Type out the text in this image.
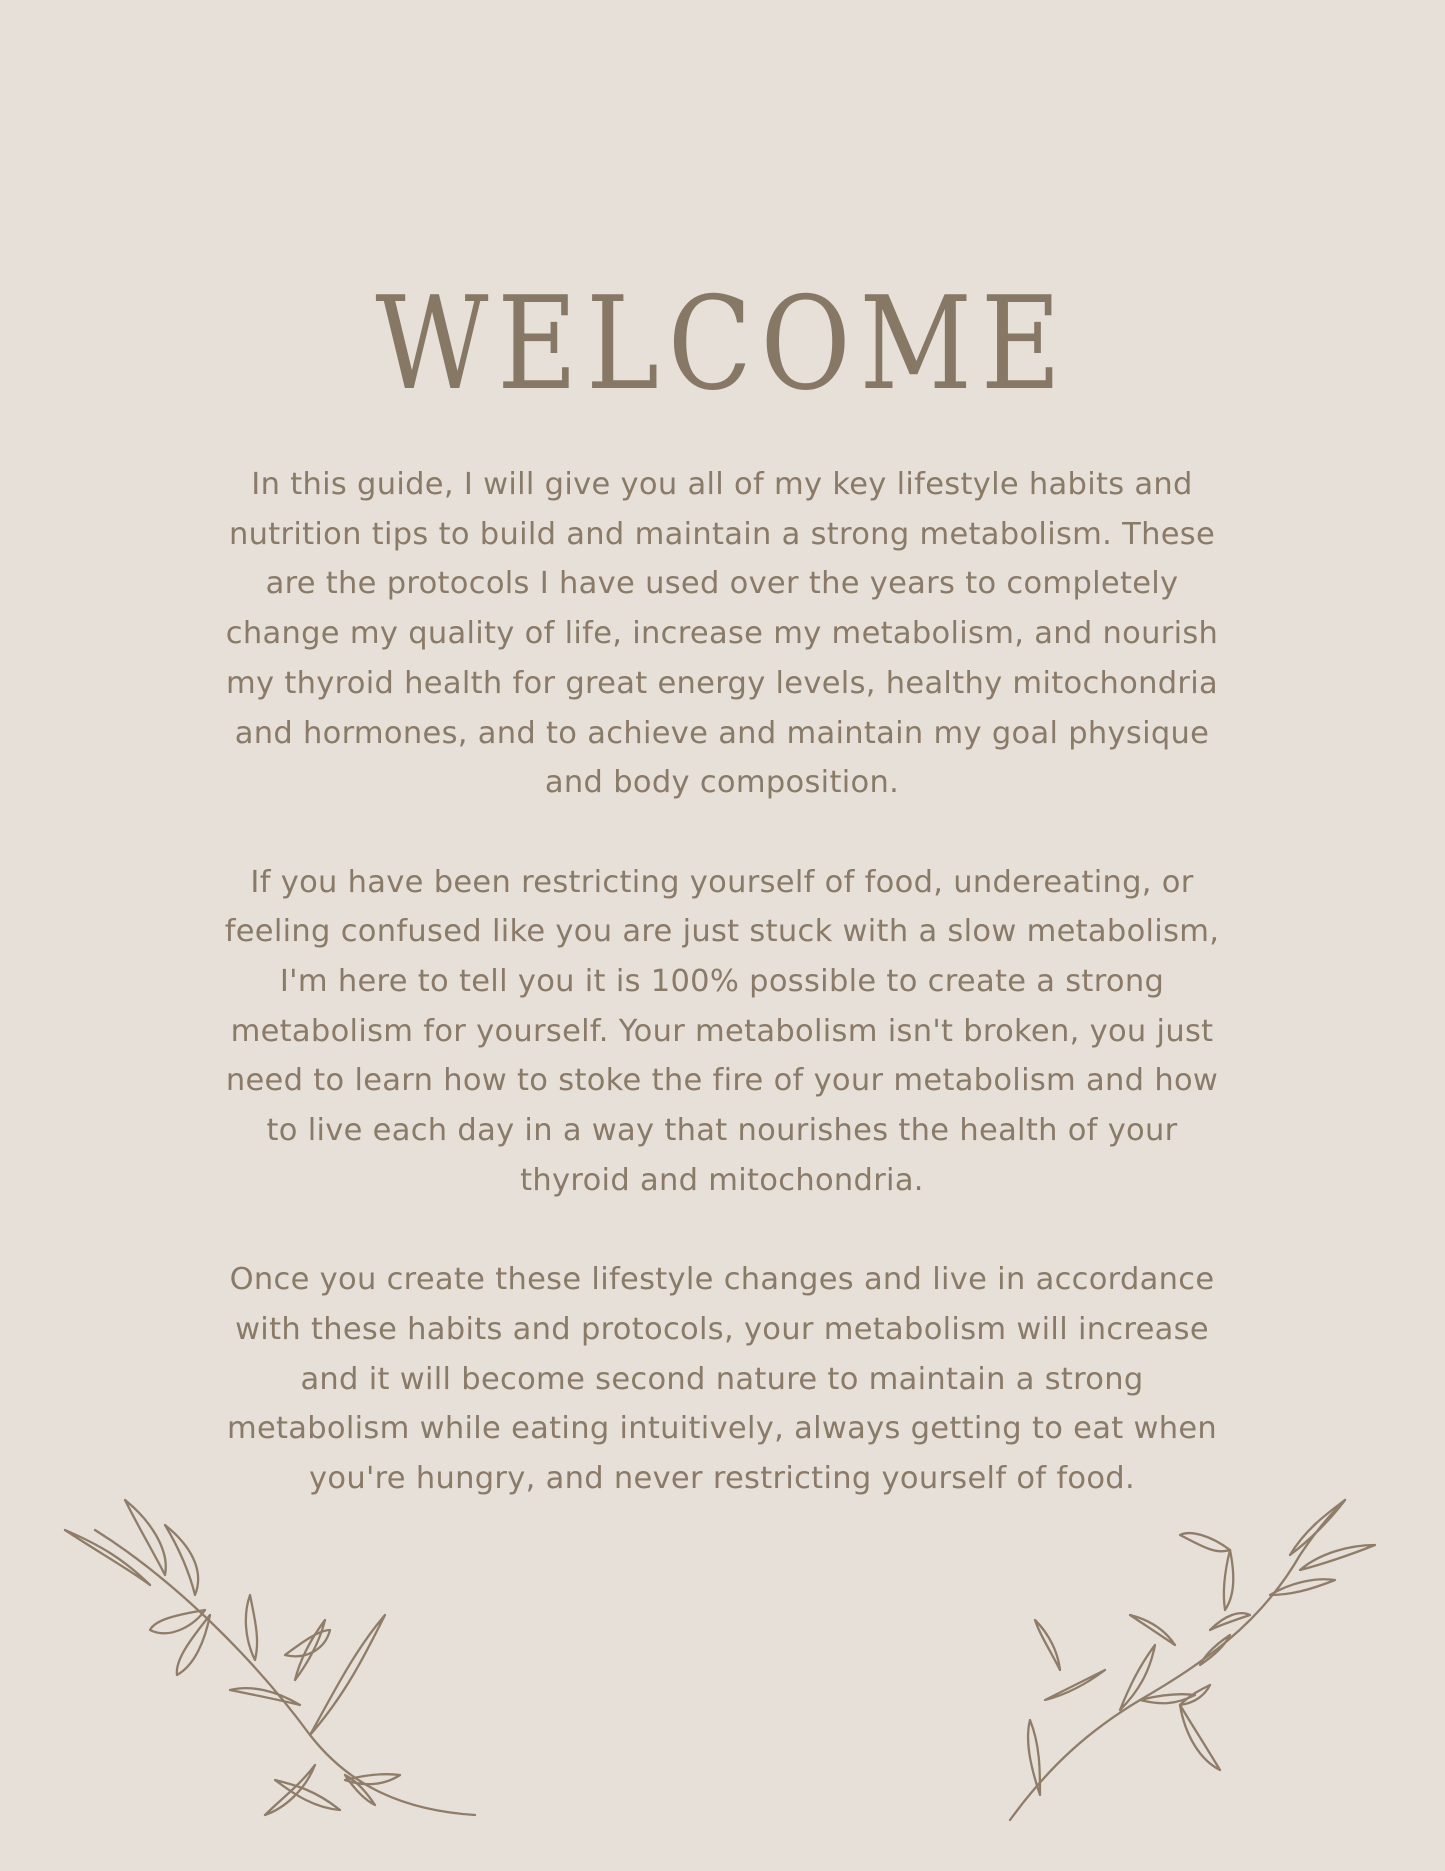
WELCOME

In this guide, I will give you all of my key lifestyle habits and nutrition tips to build and maintain a strong metabolism. These are the protocols I have used over the years to completely change my quality of life, increase my metabolism, and nourish my thyroid health for great energy levels, healthy mitochondria and hormones, and to achieve and maintain my goal physique and body composition.

If you have been restricting yourself of food, undereating, or feeling confused like you are just stuck with a slow metabolism, I'm here to tell you it is 100% possible to create a strong metabolism for yourself. Your metabolism isn't broken, you just need to learn how to stoke the fire of your metabolism and how to live each day in a way that nourishes the health of your thyroid and mitochondria.

Once you create these lifestyle changes and live in accordance with these habits and protocols, your metabolism will increase and it will become second nature to maintain a strong metabolism while eating intuitively, always getting to eat when you're hungry, and never restricting yourself of food.
